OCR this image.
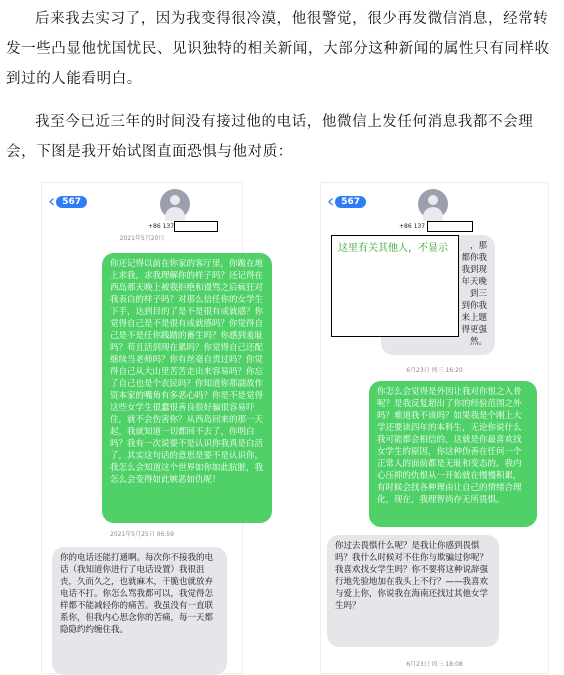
后来我去实习了，因为我变得很冷漠，他很警觉，很少再发微信消息，经常转发一些凸显他忧国忧民、见识独特的相关新闻，大部分这种新闻的属性只有同样收到过的人能看明白。
我至今已近三年的时间没有接过他的电话，他微信上发任何消息我都不会理会，下图是我开始试图直面恐惧与他对质：
‹ 567
+86 137
2021年5月20日
你还记得以前在你家的客厅里，你跪在地上求我，求我理解你的样子吗？还记得在西岛那天晚上被我拒绝和谩骂之后疯狂对我表白的样子吗？对那么信任你的女学生下手，达到目的了是不是很有成就感？你觉得自己是不是很有成就感吗？你觉得自己是不是任你践踏的畜生吗？你感到羞耻吗？苟且活到现在累吗？你觉得自己还配继续当老师吗？你有丝毫自责过吗？你觉得自己从大山里苦苦走出来容易吗？你忘了自己也是个农民吗？你知道你那副故作资本家的嘴角有多恶心吗？你是不是觉得这些女学生很蠢很善良很好骗很容易吓住，就不会伤害你？从西岛回来的那一天起，我就知道一切都回不去了，你明白吗？我有一次说要不是认识你我真是白活了，其实这句话的意思是要不是认识你，我怎么会知道这个世界如你如此肮脏，我怎么会变得如此嫉恶如仇呢！
2021年5月25日 06:59
你的电话还能打通啊。每次你不接我的电话（我知道你进行了电话设置）我很沮丧，久而久之，也就麻木，干脆也就放弃电话不打。你怎么骂我都可以，我觉得怎样都不能减轻你的痛苦。我虽没有一直联系你，但我内心思念你的苦痛，每一天都隐隐约约缠住我。
‹ 567
+86 137
，那
都你我
我到现
年天晚
到三
到你我
来上题
得更强
然。
这里有关其他人，不显示
6月23日 周三 16:20
你怎么会觉得是外因让我对你恨之入骨呢？是我反复超出了你的经验范围之外吗？难道我不该吗？如果我是个刚上大学还要读四年的本科生，无论你说什么我可能都会相信的，这就是你最喜欢找女学生的原因，你这种伪善在任何一个正常人的面前都是无耻和变态的。我内心压抑的仇恨从一开始就在慢慢积累，有时候会找各种理由让自己的情绪合理化，现在，我理智尚存无所畏惧。
你过去畏惧什么呢？是我让你感到畏惧吗？我什么时候对不住你与欺骗过你呢？我喜欢找女学生吗？你不要将这种说辞强行地先验地加在我头上不行？——我喜欢与爱上你，你说我在海南还找过其他女学生吗？
6月23日 周三 18:08
